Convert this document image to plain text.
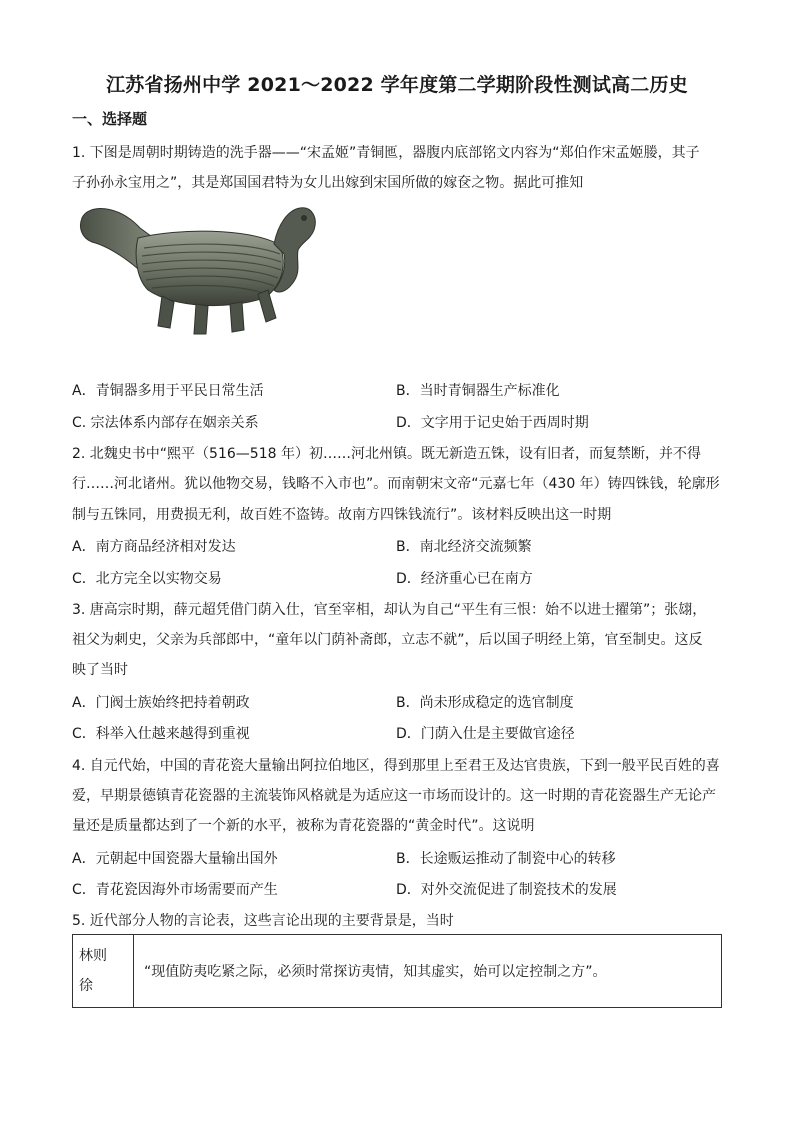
江苏省扬州中学 2021～2022 学年度第二学期阶段性测试高二历史
一、选择题
1. 下图是周朝时期铸造的洗手器——“宋孟姬”青铜匜，器腹内底部铭文内容为“郑伯作宋孟姬媵，其子
子孙孙永宝用之”，其是郑国国君特为女儿出嫁到宋国所做的嫁奁之物。据此可推知
A．青铜器多用于平民日常生活	B．当时青铜器生产标准化
C. 宗法体系内部存在姻亲关系	D．文字用于记史始于西周时期
2. 北魏史书中“熙平（516—518 年）初……河北州镇。既无新造五铢，设有旧者，而复禁断，并不得
行……河北诸州。犹以他物交易，钱略不入市也”。而南朝宋文帝“元嘉七年（430 年）铸四铢钱，轮廓形
制与五铢同，用费损无利，故百姓不盗铸。故南方四铢钱流行”。该材料反映出这一时期
A．南方商品经济相对发达	B．南北经济交流频繁
C．北方完全以实物交易	D．经济重心已在南方
3. 唐高宗时期，薛元超凭借门荫入仕，官至宰相，却认为自己“平生有三恨：始不以进士擢第”；张翃，
祖父为刺史，父亲为兵部郎中，“童年以门荫补斋郎，立志不就”，后以国子明经上第，官至制史。这反
映了当时
A．门阀士族始终把持着朝政	B．尚未形成稳定的选官制度
C．科举入仕越来越得到重视	D．门荫入仕是主要做官途径
4. 自元代始，中国的青花瓷大量输出阿拉伯地区，得到那里上至君王及达官贵族，下到一般平民百姓的喜
爱，早期景德镇青花瓷器的主流装饰风格就是为适应这一市场而设计的。这一时期的青花瓷器生产无论产
量还是质量都达到了一个新的水平，被称为青花瓷器的“黄金时代”。这说明
A．元朝起中国瓷器大量输出国外	B．长途贩运推动了制瓷中心的转移
C．青花瓷因海外市场需要而产生	D．对外交流促进了制瓷技术的发展
5. 近代部分人物的言论表，这些言论出现的主要背景是，当时
林则
徐	“现值防夷吃紧之际，必须时常探访夷情，知其虚实，始可以定控制之方”。
